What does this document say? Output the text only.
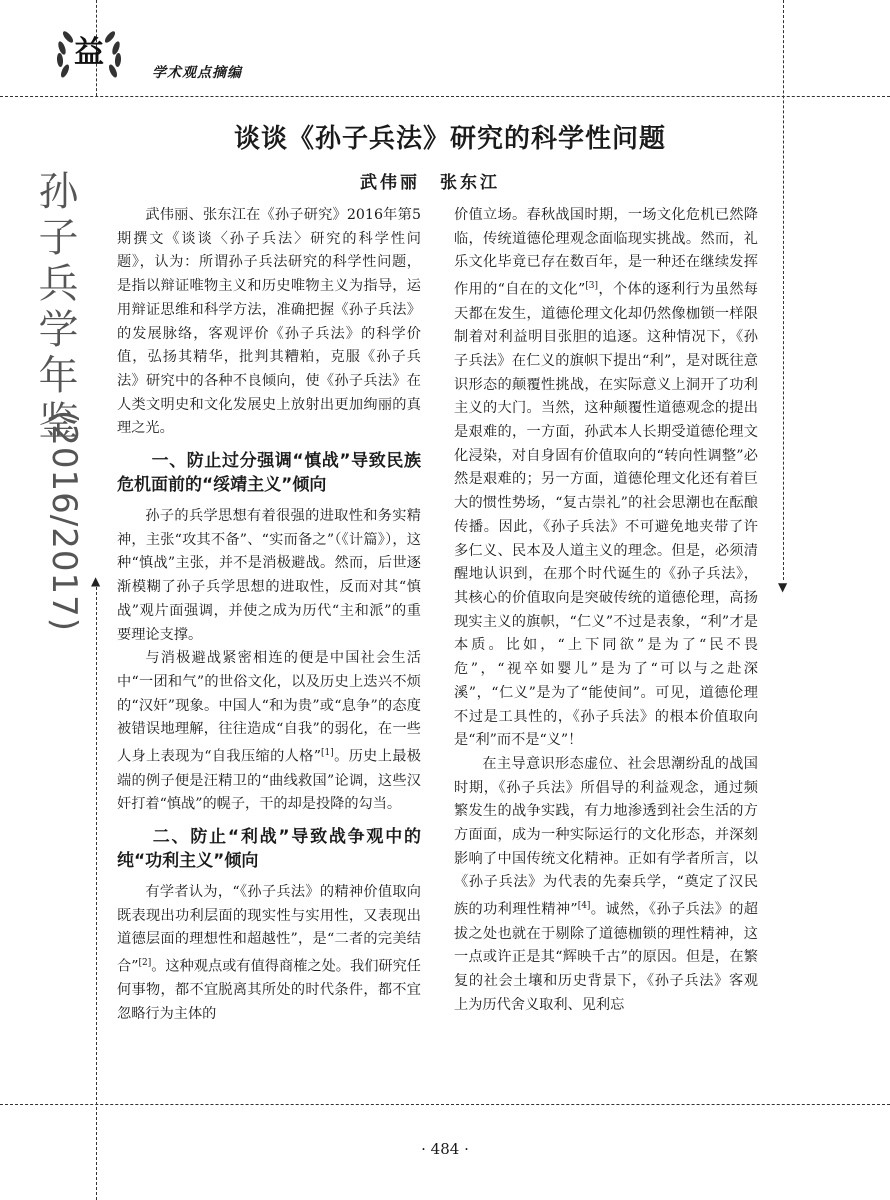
益
学术观点摘编
谈谈《孙子兵法》研究的科学性问题
武伟丽　张东江
孙子兵学年鉴
(2016/2017) ▲	▼

武伟丽、张东江在《孙子研究》2016年第5期撰文《谈谈〈孙子兵法〉研究的科学性问题》，认为：所谓孙子兵法研究的科学性问题，是指以辩证唯物主义和历史唯物主义为指导，运用辩证思维和科学方法，准确把握《孙子兵法》的发展脉络，客观评价《孙子兵法》的科学价值，弘扬其精华，批判其糟粕，克服《孙子兵法》研究中的各种不良倾向，使《孙子兵法》在人类文明史和文化发展史上放射出更加绚丽的真理之光。

一、防止过分强调“慎战”导致民族危机面前的“绥靖主义”倾向

孙子的兵学思想有着很强的进取性和务实精神，主张“攻其不备”、“实而备之”（《计篇》），这种“慎战”主张，并不是消极避战。然而，后世逐渐模糊了孙子兵学思想的进取性，反而对其“慎战”观片面强调，并使之成为历代“主和派”的重要理论支撑。

与消极避战紧密相连的便是中国社会生活中“一团和气”的世俗文化，以及历史上迭兴不烦的“汉奸”现象。中国人“和为贵”或“息争”的态度被错误地理解，往往造成“自我”的弱化，在一些人身上表现为“自我压缩的人格”[1]。历史上最极端的例子便是汪精卫的“曲线救国”论调，这些汉奸打着“慎战”的幌子，干的却是投降的勾当。

二、防止“利战”导致战争观中的纯“功利主义”倾向

有学者认为，“《孙子兵法》的精神价值取向既表现出功利层面的现实性与实用性，又表现出道德层面的理想性和超越性”，是“二者的完美结合”[2]。这种观点或有值得商榷之处。我们研究任何事物，都不宜脱离其所处的时代条件，都不宜忽略行为主体的

价值立场。春秋战国时期，一场文化危机已然降临，传统道德伦理观念面临现实挑战。然而，礼乐文化毕竟已存在数百年，是一种还在继续发挥作用的“自在的文化”[3]，个体的逐利行为虽然每天都在发生，道德伦理文化却仍然像枷锁一样限制着对利益明目张胆的追逐。这种情况下，《孙子兵法》在仁义的旗帜下提出“利”，是对既往意识形态的颠覆性挑战，在实际意义上洞开了功利主义的大门。当然，这种颠覆性道德观念的提出是艰难的，一方面，孙武本人长期受道德伦理文化浸染，对自身固有价值取向的“转向性调整”必然是艰难的；另一方面，道德伦理文化还有着巨大的惯性势场，“复古崇礼”的社会思潮也在酝酿传播。因此，《孙子兵法》不可避免地夹带了许多仁义、民本及人道主义的理念。但是，必须清醒地认识到，在那个时代诞生的《孙子兵法》，其核心的价值取向是突破传统的道德伦理，高扬现实主义的旗帜，“仁义”不过是表象，“利”才是本质。比如，“上下同欲”是为了“民不畏危”，“视卒如婴儿”是为了“可以与之赴深溪”，“仁义”是为了“能使间”。可见，道德伦理不过是工具性的，《孙子兵法》的根本价值取向是“利”而不是“义”！

在主导意识形态虚位、社会思潮纷乱的战国时期，《孙子兵法》所倡导的利益观念，通过频繁发生的战争实践，有力地渗透到社会生活的方方面面，成为一种实际运行的文化形态，并深刻影响了中国传统文化精神。正如有学者所言，以《孙子兵法》为代表的先秦兵学，“奠定了汉民族的功利理性精神”[4]。诚然，《孙子兵法》的超拔之处也就在于剔除了道德枷锁的理性精神，这一点或许正是其“辉映千古”的原因。但是，在繁复的社会土壤和历史背景下，《孙子兵法》客观上为历代舍义取利、见利忘

· 484 ·
